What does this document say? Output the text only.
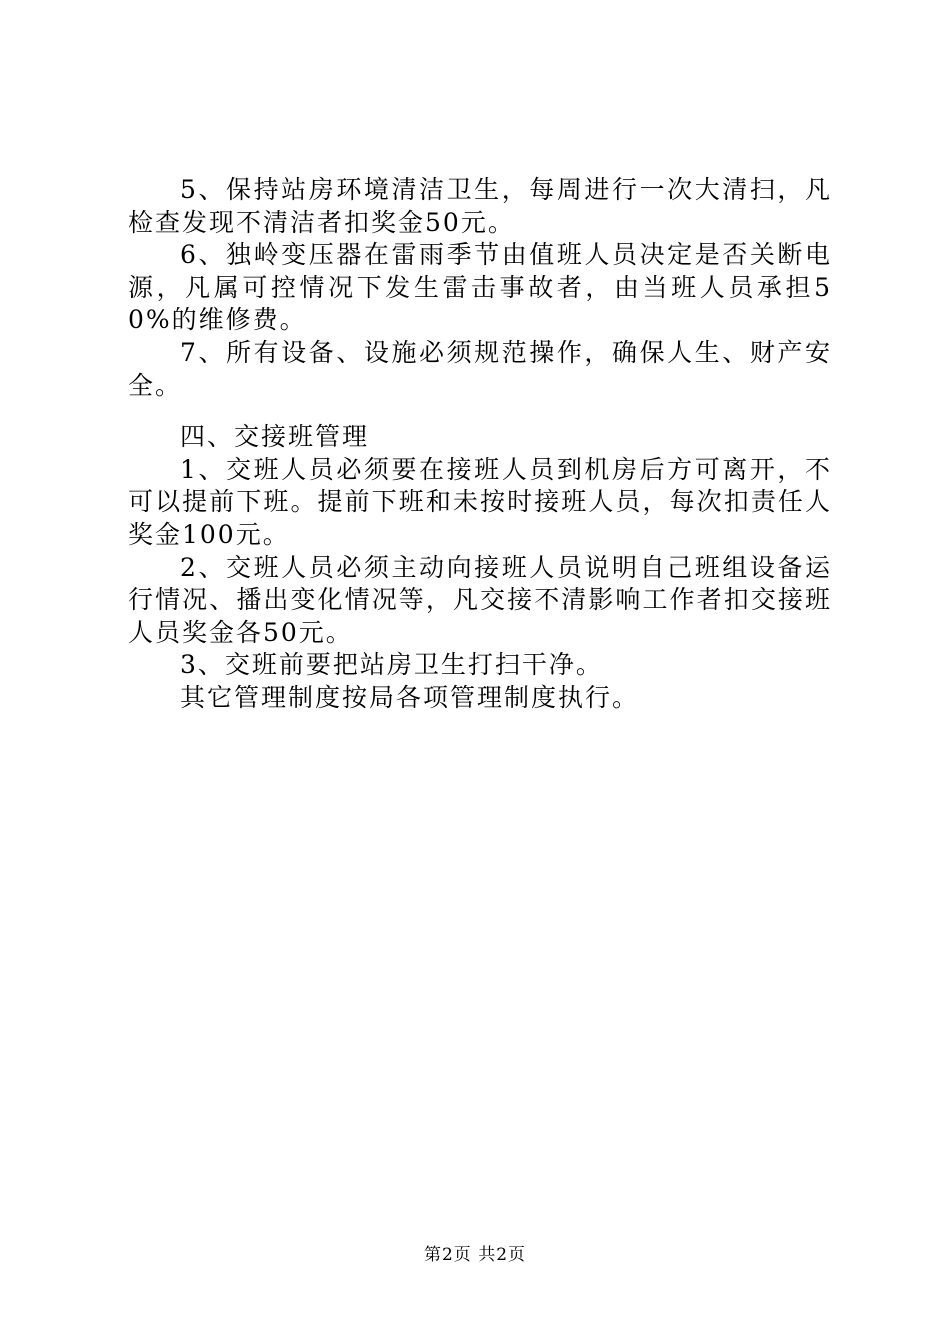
5、保持站房环境清洁卫生，每周进行一次大清扫，凡检查发现不清洁者扣奖金50元。

6、独岭变压器在雷雨季节由值班人员决定是否关断电源，凡属可控情况下发生雷击事故者，由当班人员承担50%的维修费。

7、所有设备、设施必须规范操作，确保人生、财产安全。

四、交接班管理

1、交班人员必须要在接班人员到机房后方可离开，不可以提前下班。提前下班和未按时接班人员，每次扣责任人奖金100元。

2、交班人员必须主动向接班人员说明自己班组设备运行情况、播出变化情况等，凡交接不清影响工作者扣交接班人员奖金各50元。

3、交班前要把站房卫生打扫干净。

其它管理制度按局各项管理制度执行。

第2页 共2页
